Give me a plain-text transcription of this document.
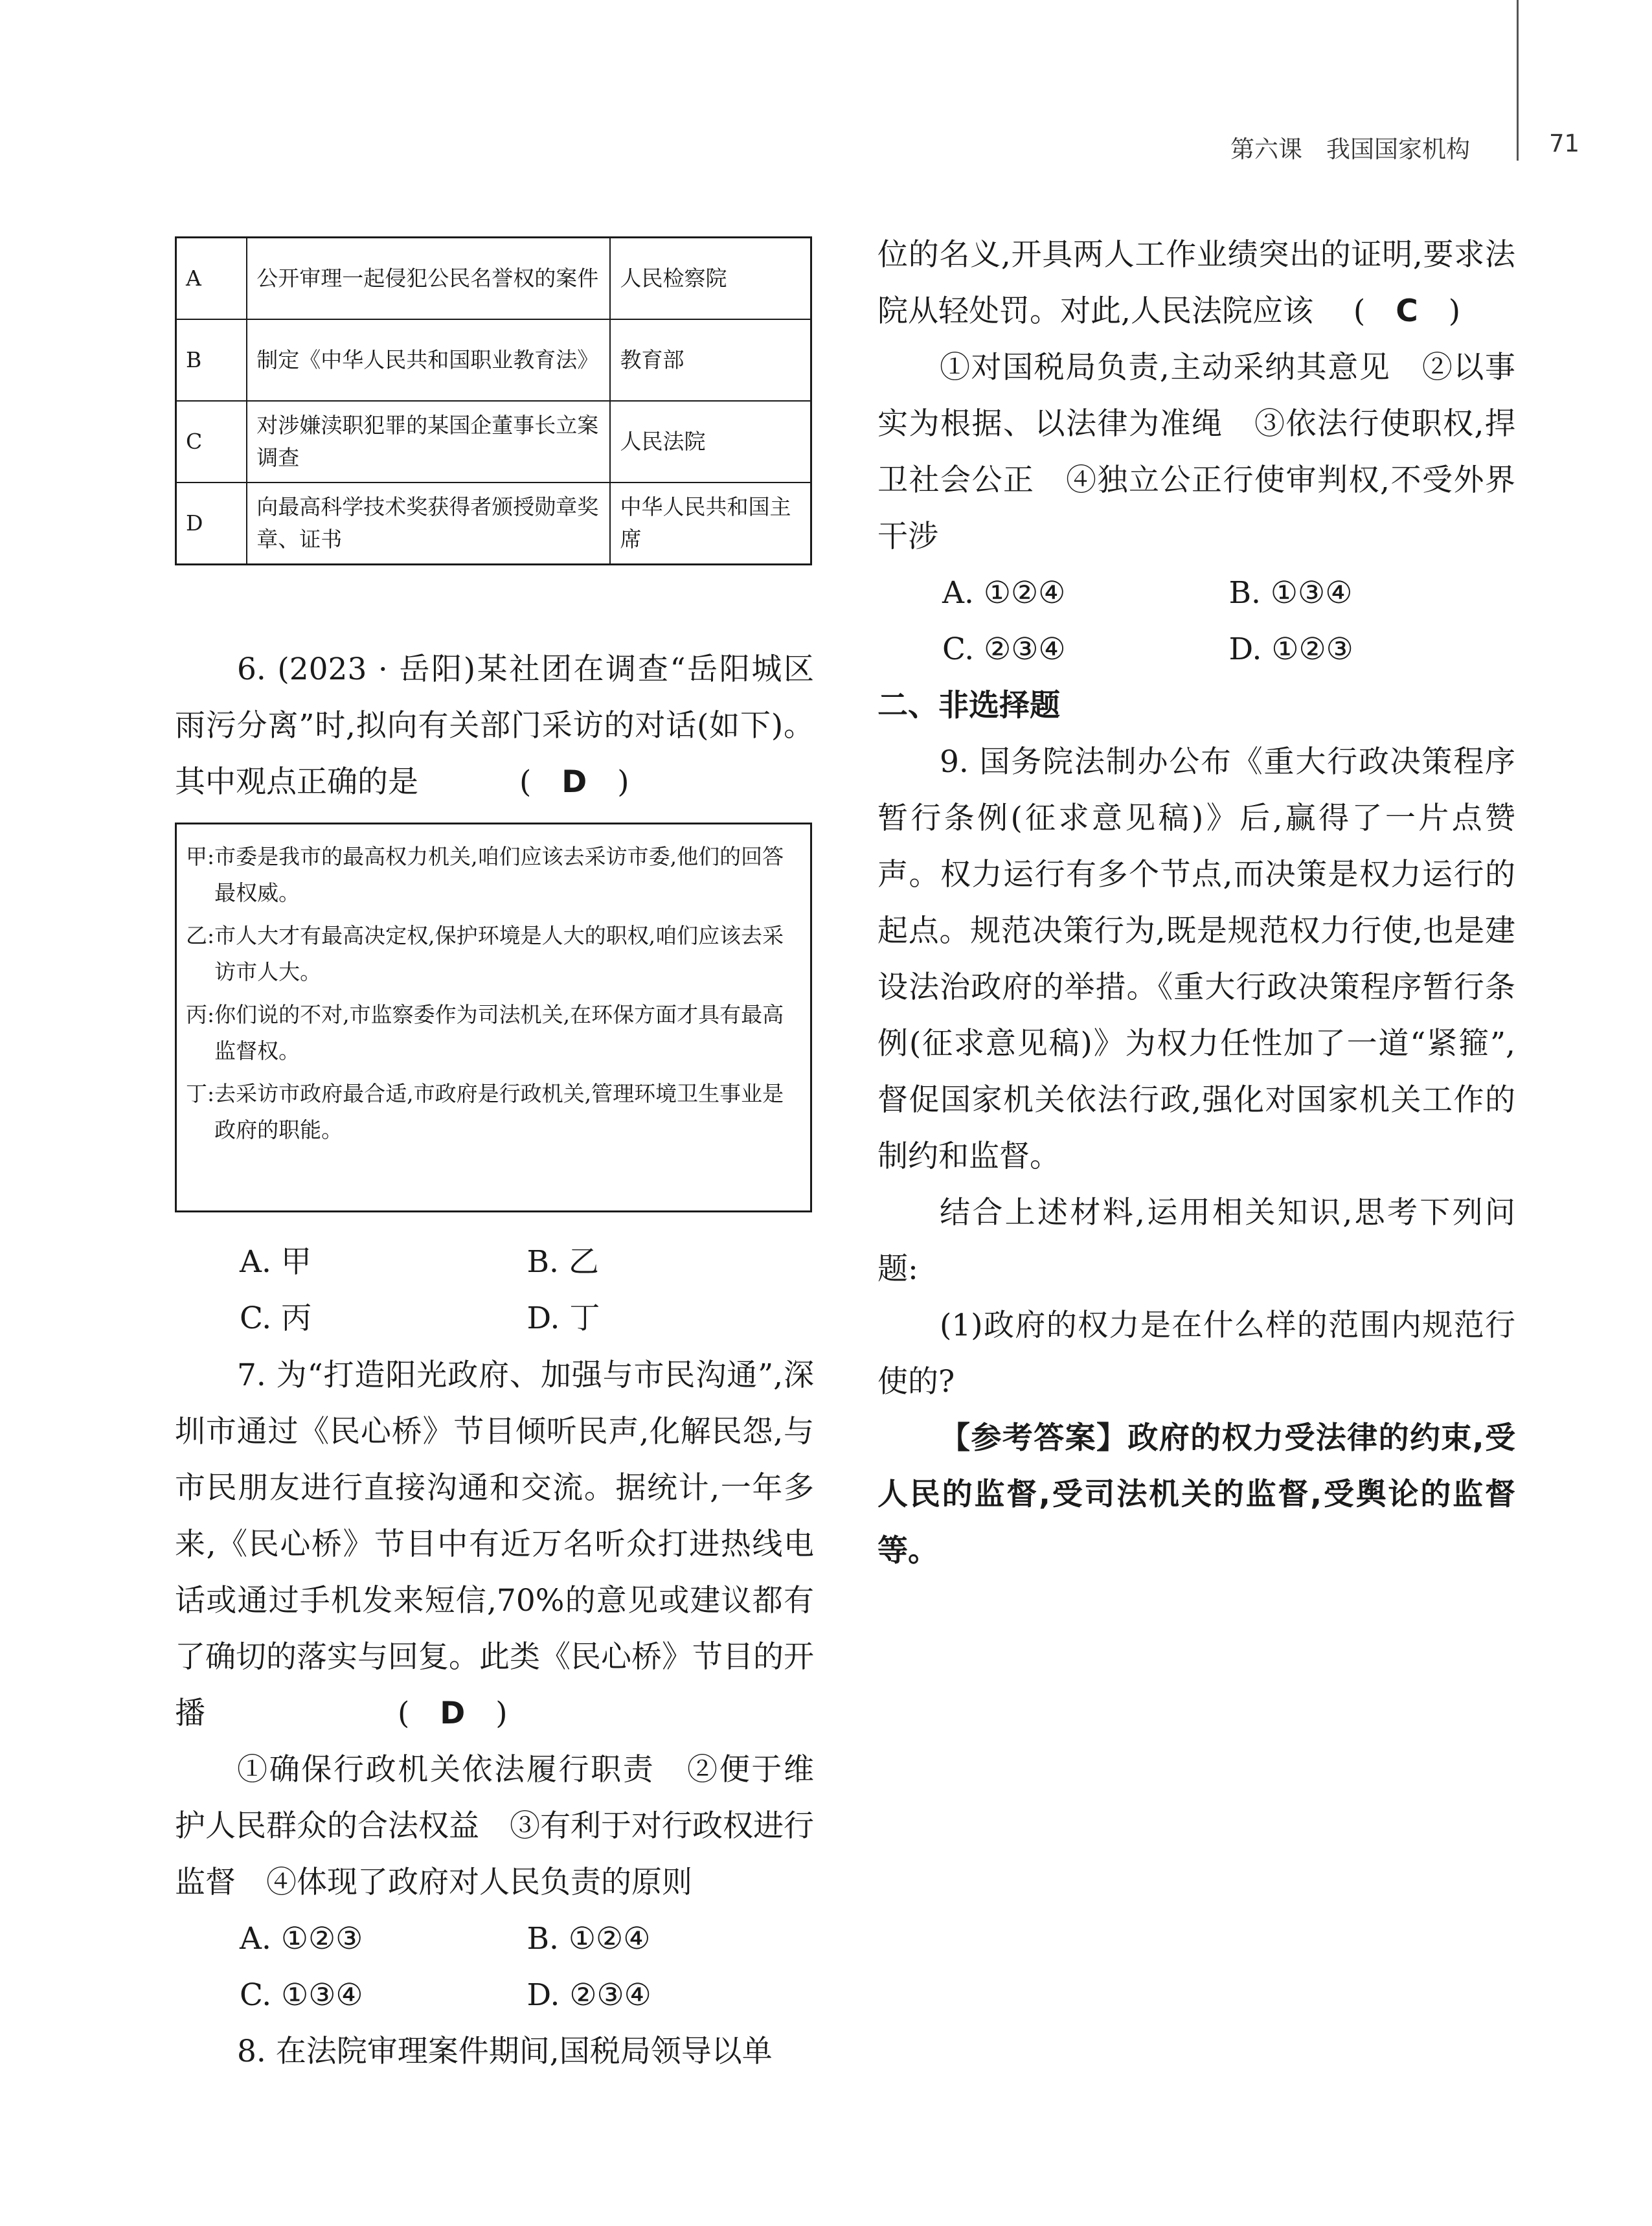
第六课　我国国家机构	71
A	公开审理一起侵犯公民名誉权的案件	人民检察院
B	制定《中华人民共和国职业教育法》	教育部
C	对涉嫌渎职犯罪的某国企董事长立案调查	人民法院
D	向最高科学技术奖获得者颁授勋章奖章、证书	中华人民共和国主席

6. (2023 · 岳阳)某社团在调查“岳阳城区雨污分离”时,拟向有关部门采访的对话(如下)。其中观点正确的是　　　 (　D　)

甲: 市委是我市的最高权力机关,咱们应该去采访市委,他们的回答最权威。
乙: 市人大才有最高决定权,保护环境是人大的职权,咱们应该去采访市人大。
丙: 你们说的不对,市监察委作为司法机关,在环保方面才具有最高监督权。
丁: 去采访市政府最合适,市政府是行政机关,管理环境卫生事业是政府的职能。
A. 甲	B. 乙
C. 丙	D. 丁

7. 为“打造阳光政府、加强与市民沟通”,深圳市通过《民心桥》节目倾听民声,化解民怨,与市民朋友进行直接沟通和交流。据统计,一年多来,《民心桥》节目中有近万名听众打进热线电话或通过手机发来短信,70%的意见或建议都有了确切的落实与回复。此类《民心桥》节目的开播　　　　　　 (　D　)

①确保行政机关依法履行职责　②便于维护人民群众的合法权益　③有利于对行政权进行监督　④体现了政府对人民负责的原则

A. ①②③	B. ①②④
C. ①③④	D. ②③④

8. 在法院审理案件期间,国税局领导以单

位的名义,开具两人工作业绩突出的证明,要求法院从轻处罚。对此,人民法院应该　 (　C　)

①对国税局负责,主动采纳其意见　②以事实为根据、以法律为准绳　③依法行使职权,捍卫社会公正　④独立公正行使审判权,不受外界干涉

A. ①②④	B. ①③④
C. ②③④	D. ①②③

二、非选择题

9. 国务院法制办公布《重大行政决策程序暂行条例(征求意见稿)》后,赢得了一片点赞声。权力运行有多个节点,而决策是权力运行的起点。规范决策行为,既是规范权力行使,也是建设法治政府的举措。《重大行政决策程序暂行条例(征求意见稿)》为权力任性加了一道“紧箍”,督促国家机关依法行政,强化对国家机关工作的制约和监督。

结合上述材料,运用相关知识,思考下列问题:

(1)政府的权力是在什么样的范围内规范行使的?

【参考答案】政府的权力受法律的约束,受人民的监督,受司法机关的监督,受舆论的监督等。
